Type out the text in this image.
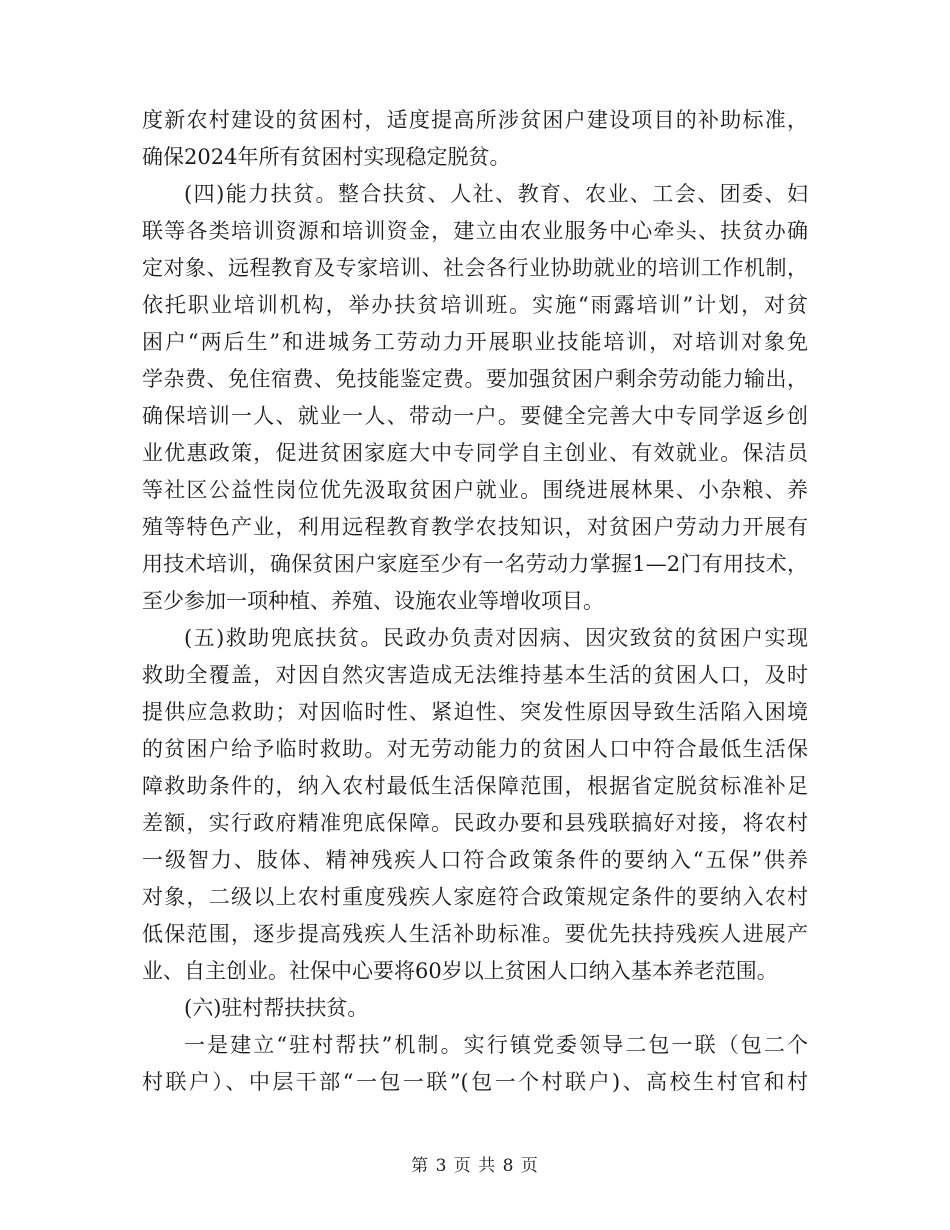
度新农村建设的贫困村，适度提高所涉贫困户建设项目的补助标准，
确保2024年所有贫困村实现稳定脱贫。
(四)能力扶贫。整合扶贫、人社、教育、农业、工会、团委、妇
联等各类培训资源和培训资金，建立由农业服务中心牵头、扶贫办确
定对象、远程教育及专家培训、社会各行业协助就业的培训工作机制，
依托职业培训机构，举办扶贫培训班。实施“雨露培训”计划，对贫
困户“两后生”和进城务工劳动力开展职业技能培训，对培训对象免
学杂费、免住宿费、免技能鉴定费。要加强贫困户剩余劳动能力输出，
确保培训一人、就业一人、带动一户。要健全完善大中专同学返乡创
业优惠政策，促进贫困家庭大中专同学自主创业、有效就业。保洁员
等社区公益性岗位优先汲取贫困户就业。围绕进展林果、小杂粮、养
殖等特色产业，利用远程教育教学农技知识，对贫困户劳动力开展有
用技术培训，确保贫困户家庭至少有一名劳动力掌握1—2门有用技术，
至少参加一项种植、养殖、设施农业等增收项目。
(五)救助兜底扶贫。民政办负责对因病、因灾致贫的贫困户实现
救助全覆盖，对因自然灾害造成无法维持基本生活的贫困人口，及时
提供应急救助；对因临时性、紧迫性、突发性原因导致生活陷入困境
的贫困户给予临时救助。对无劳动能力的贫困人口中符合最低生活保
障救助条件的，纳入农村最低生活保障范围，根据省定脱贫标准补足
差额，实行政府精准兜底保障。民政办要和县残联搞好对接，将农村
一级智力、肢体、精神残疾人口符合政策条件的要纳入“五保”供养
对象，二级以上农村重度残疾人家庭符合政策规定条件的要纳入农村
低保范围，逐步提高残疾人生活补助标准。要优先扶持残疾人进展产
业、自主创业。社保中心要将60岁以上贫困人口纳入基本养老范围。
(六)驻村帮扶扶贫。
一是建立“驻村帮扶”机制。实行镇党委领导二包一联（包二个
村联户）、中层干部“一包一联”(包一个村联户)、高校生村官和村
第 3 页 共 8 页
